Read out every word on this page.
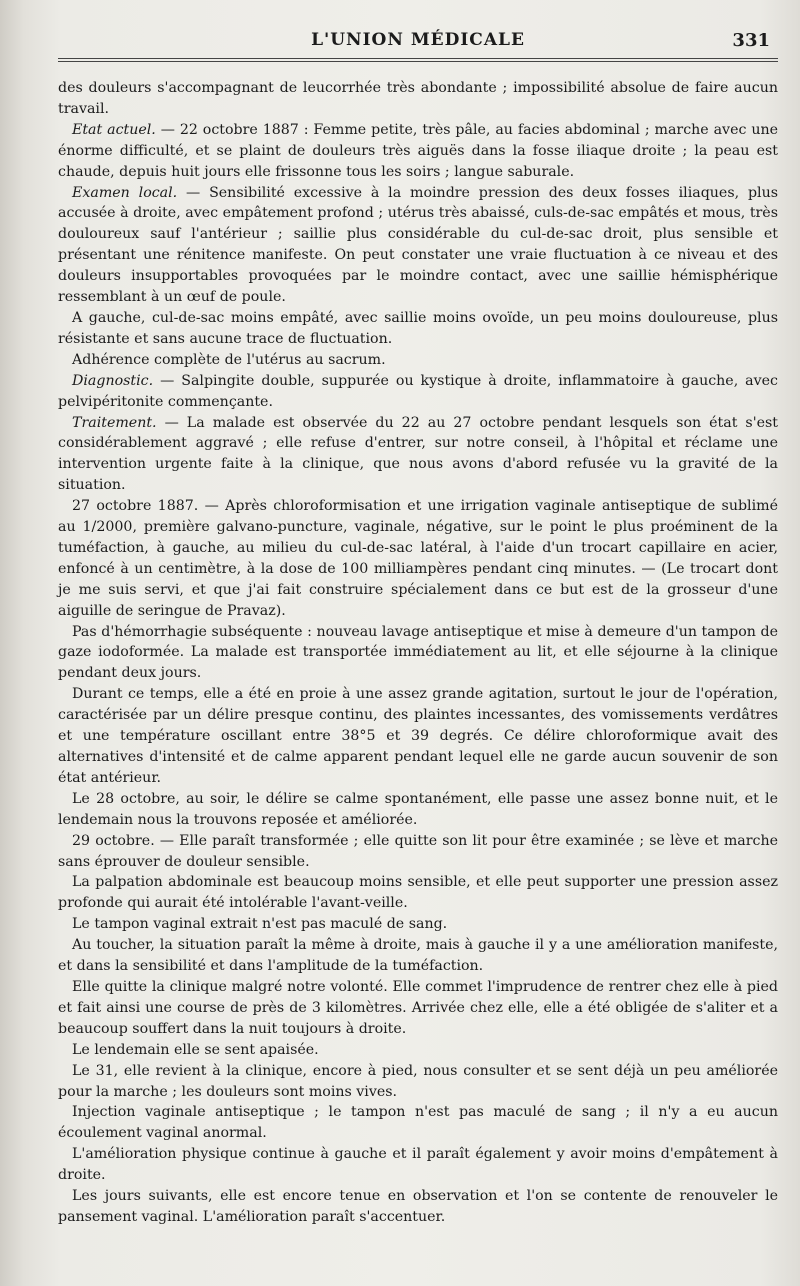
L'UNION MÉDICALE	331

des douleurs s'accompagnant de leucorrhée très abondante ; impossibilité absolue de faire aucun travail.

Etat actuel. — 22 octobre 1887 : Femme petite, très pâle, au facies abdominal ; marche avec une énorme difficulté, et se plaint de douleurs très aiguës dans la fosse iliaque droite ; la peau est chaude, depuis huit jours elle frissonne tous les soirs ; langue saburale.

Examen local. — Sensibilité excessive à la moindre pression des deux fosses iliaques, plus accusée à droite, avec empâtement profond ; utérus très abaissé, culs-de-sac empâtés et mous, très douloureux sauf l'antérieur ; saillie plus considérable du cul-de-sac droit, plus sensible et présentant une rénitence manifeste. On peut constater une vraie fluctuation à ce niveau et des douleurs insupportables provoquées par le moindre contact, avec une saillie hémisphérique ressemblant à un œuf de poule.

A gauche, cul-de-sac moins empâté, avec saillie moins ovoïde, un peu moins douloureuse, plus résistante et sans aucune trace de fluctuation.

Adhérence complète de l'utérus au sacrum.

Diagnostic. — Salpingite double, suppurée ou kystique à droite, inflammatoire à gauche, avec pelvipéritonite commençante.

Traitement. — La malade est observée du 22 au 27 octobre pendant lesquels son état s'est considérablement aggravé ; elle refuse d'entrer, sur notre conseil, à l'hôpital et réclame une intervention urgente faite à la clinique, que nous avons d'abord refusée vu la gravité de la situation.

27 octobre 1887. — Après chloroformisation et une irrigation vaginale antiseptique de sublimé au 1/2000, première galvano-puncture, vaginale, négative, sur le point le plus proéminent de la tuméfaction, à gauche, au milieu du cul-de-sac latéral, à l'aide d'un trocart capillaire en acier, enfoncé à un centimètre, à la dose de 100 milliampères pendant cinq minutes. — (Le trocart dont je me suis servi, et que j'ai fait construire spécialement dans ce but est de la grosseur d'une aiguille de seringue de Pravaz).

Pas d'hémorrhagie subséquente : nouveau lavage antiseptique et mise à demeure d'un tampon de gaze iodoformée. La malade est transportée immédiatement au lit, et elle séjourne à la clinique pendant deux jours.

Durant ce temps, elle a été en proie à une assez grande agitation, surtout le jour de l'opération, caractérisée par un délire presque continu, des plaintes incessantes, des vomissements verdâtres et une température oscillant entre 38°5 et 39 degrés. Ce délire chloroformique avait des alternatives d'intensité et de calme apparent pendant lequel elle ne garde aucun souvenir de son état antérieur.

Le 28 octobre, au soir, le délire se calme spontanément, elle passe une assez bonne nuit, et le lendemain nous la trouvons reposée et améliorée.

29 octobre. — Elle paraît transformée ; elle quitte son lit pour être examinée ; se lève et marche sans éprouver de douleur sensible.

La palpation abdominale est beaucoup moins sensible, et elle peut supporter une pression assez profonde qui aurait été intolérable l'avant-veille.

Le tampon vaginal extrait n'est pas maculé de sang.

Au toucher, la situation paraît la même à droite, mais à gauche il y a une amélioration manifeste, et dans la sensibilité et dans l'amplitude de la tuméfaction.

Elle quitte la clinique malgré notre volonté. Elle commet l'imprudence de rentrer chez elle à pied et fait ainsi une course de près de 3 kilomètres. Arrivée chez elle, elle a été obligée de s'aliter et a beaucoup souffert dans la nuit toujours à droite.

Le lendemain elle se sent apaisée.

Le 31, elle revient à la clinique, encore à pied, nous consulter et se sent déjà un peu améliorée pour la marche ; les douleurs sont moins vives.

Injection vaginale antiseptique ; le tampon n'est pas maculé de sang ; il n'y a eu aucun écoulement vaginal anormal.

L'amélioration physique continue à gauche et il paraît également y avoir moins d'empâtement à droite.

Les jours suivants, elle est encore tenue en observation et l'on se contente de renouveler le pansement vaginal. L'amélioration paraît s'accentuer.
